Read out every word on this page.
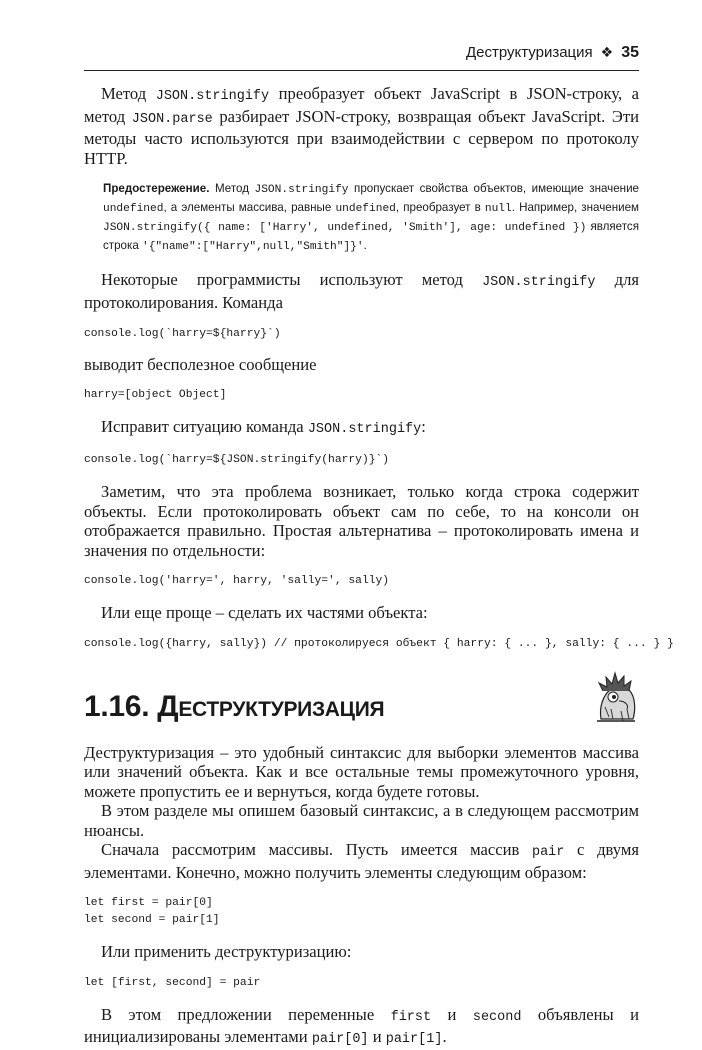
Деструктуризация ❖ 35

Метод JSON.stringify преобразует объект JavaScript в JSON-строку, а метод JSON.parse разбирает JSON-строку, возвращая объект JavaScript. Эти методы часто используются при взаимодействии с сервером по протоколу HTTP.

Предостережение. Метод JSON.stringify пропускает свойства объектов, имеющие значение undefined, а элементы массива, равные undefined, преобразует в null. Например, значением JSON.stringify({ name: ['Harry', undefined, 'Smith'], age: undefined }) является строка '{"name":["Harry",null,"Smith"]}'.

Некоторые программисты используют метод JSON.stringify для протоколирования. Команда

console.log(`harry=${harry}`)

выводит бесполезное сообщение

harry=[object Object]

Исправит ситуацию команда JSON.stringify:

console.log(`harry=${JSON.stringify(harry)}`)

Заметим, что эта проблема возникает, только когда строка содержит объекты. Если протоколировать объект сам по себе, то на консоли он отображается правильно. Простая альтернатива – протоколировать имена и значения по отдельности:

console.log('harry=', harry, 'sally=', sally)

Или еще проще – сделать их частями объекта:

console.log({harry, sally}) // протоколируеся объект { harry: { ... }, sally: { ... } }
1.16. Деструктуризация

Деструктуризация – это удобный синтаксис для выборки элементов массива или значений объекта. Как и все остальные темы промежуточного уровня, можете пропустить ее и вернуться, когда будете готовы.

В этом разделе мы опишем базовый синтаксис, а в следующем рассмотрим нюансы.

Сначала рассмотрим массивы. Пусть имеется массив pair с двумя элементами. Конечно, можно получить элементы следующим образом:

let first = pair[0]
let second = pair[1]

Или применить деструктуризацию:

let [first, second] = pair

В этом предложении переменные first и second объявлены и инициализированы элементами pair[0] и pair[1].
